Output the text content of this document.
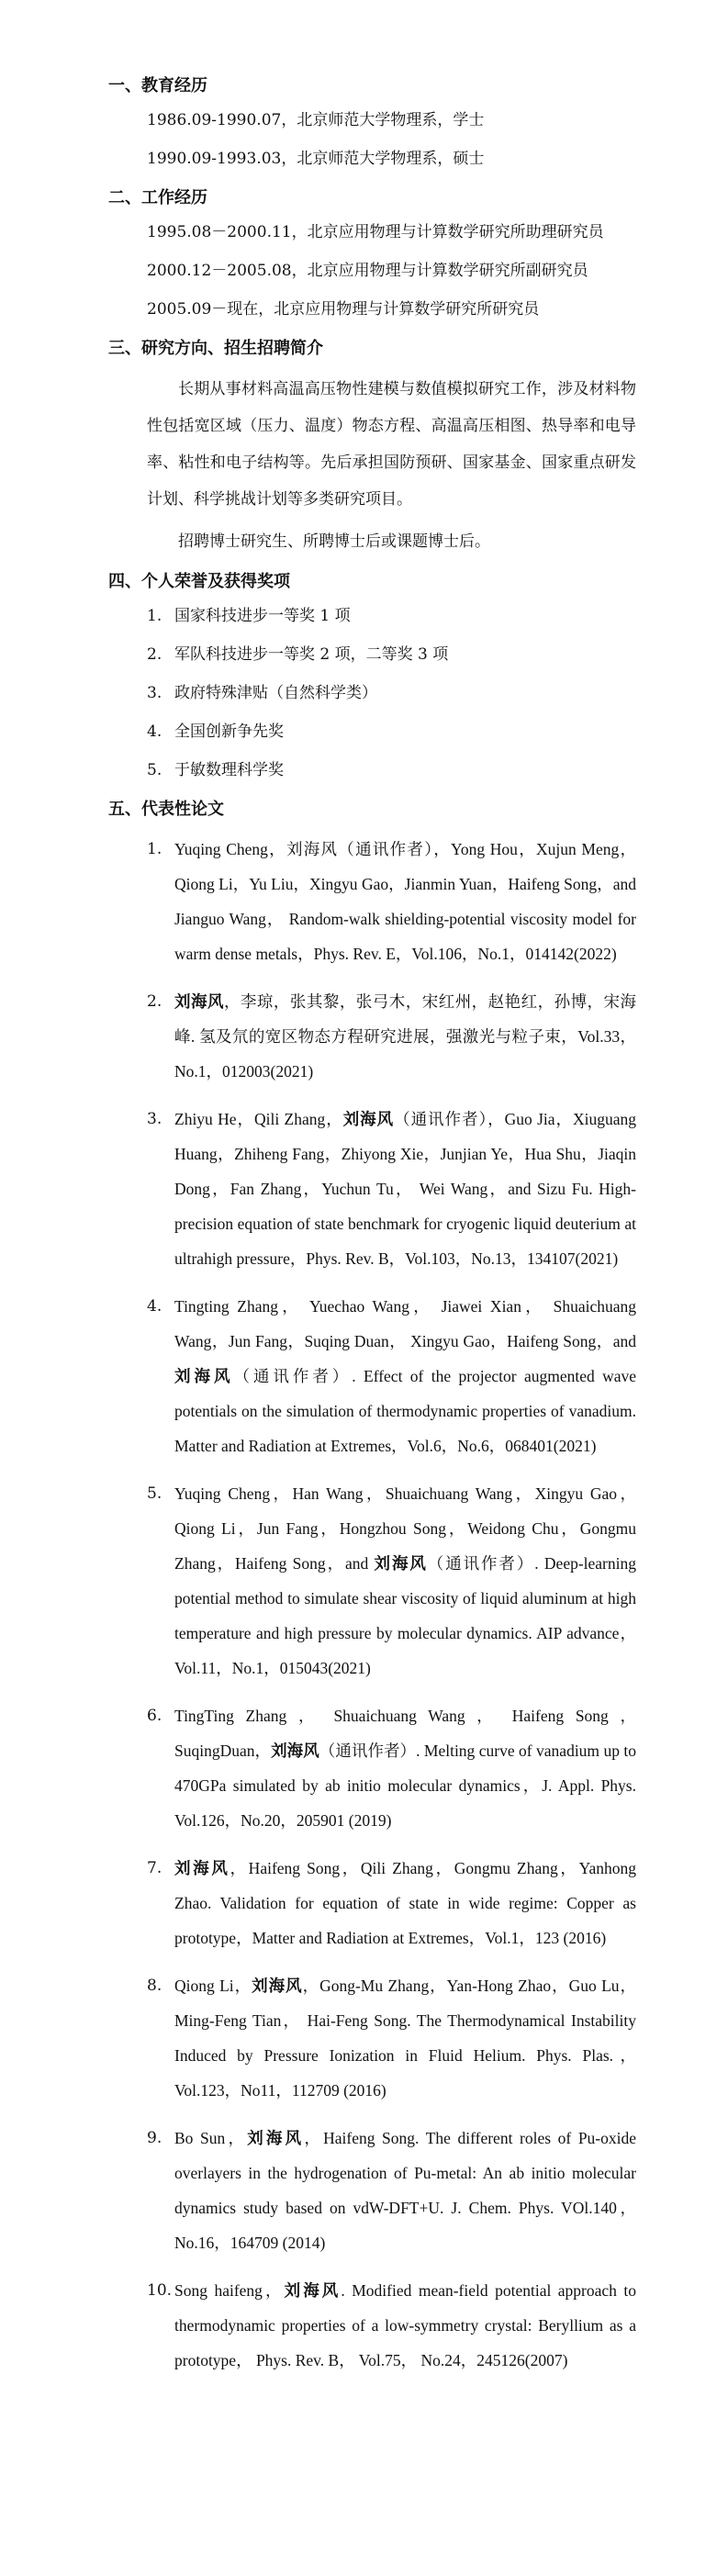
一、教育经历
1986.09-1990.07，北京师范大学物理系，学士
1990.09-1993.03，北京师范大学物理系，硕士
二、工作经历
1995.08－2000.11，北京应用物理与计算数学研究所助理研究员
2000.12－2005.08，北京应用物理与计算数学研究所副研究员
2005.09－现在，北京应用物理与计算数学研究所研究员
三、研究方向、招生招聘简介

长期从事材料高温高压物性建模与数值模拟研究工作，涉及材料物性包括宽区域（压力、温度）物态方程、高温高压相图、热导率和电导率、粘性和电子结构等。先后承担国防预研、国家基金、国家重点研发计划、科学挑战计划等多类研究项目。

招聘博士研究生、所聘博士后或课题博士后。

四、个人荣誉及获得奖项
1. 国家科技进步一等奖 1 项
2. 军队科技进步一等奖 2 项，二等奖 3 项
3. 政府特殊津贴（自然科学类）
4. 全国创新争先奖
5. 于敏数理科学奖
五、代表性论文
1. Yuqing Cheng，刘海风（通讯作者），Yong Hou，Xujun Meng，Qiong Li，Yu Liu，Xingyu Gao，Jianmin Yuan，Haifeng Song，and Jianguo Wang， Random-walk shielding-potential viscosity model for warm dense metals，Phys. Rev. E，Vol.106，No.1，014142(2022)
2. 刘海风，李琼，张其黎，张弓木，宋红州，赵艳红，孙博，宋海峰. 氢及氘的宽区物态方程研究进展，强激光与粒子束，Vol.33，No.1，012003(2021)
3. Zhiyu He，Qili Zhang，刘海风（通讯作者），Guo Jia，Xiuguang Huang，Zhiheng Fang，Zhiyong Xie，Junjian Ye，Hua Shu，Jiaqin Dong，Fan Zhang，Yuchun Tu， Wei Wang，and Sizu Fu. High-precision equation of state benchmark for cryogenic liquid deuterium at ultrahigh pressure，Phys. Rev. B，Vol.103，No.13，134107(2021)
4. Tingting Zhang， Yuechao Wang， Jiawei Xian， Shuaichuang Wang，Jun Fang，Suqing Duan， Xingyu Gao，Haifeng Song，and 刘海风（通讯作者）. Effect of the projector augmented wave potentials on the simulation of thermodynamic properties of vanadium. Matter and Radiation at Extremes，Vol.6，No.6，068401(2021)
5. Yuqing Cheng，Han Wang，Shuaichuang Wang，Xingyu Gao，Qiong Li，Jun Fang，Hongzhou Song，Weidong Chu，Gongmu Zhang，Haifeng Song，and 刘海风（通讯作者）. Deep-learning potential method to simulate shear viscosity of liquid aluminum at high temperature and high pressure by molecular dynamics. AIP advance，Vol.11，No.1，015043(2021)
6. TingTing Zhang ， Shuaichuang Wang ， Haifeng Song ， SuqingDuan，刘海风（通讯作者）. Melting curve of vanadium up to 470GPa simulated by ab initio molecular dynamics，J. Appl. Phys. Vol.126，No.20，205901 (2019)
7. 刘海风，Haifeng Song，Qili Zhang，Gongmu Zhang，Yanhong Zhao. Validation for equation of state in wide regime: Copper as prototype，Matter and Radiation at Extremes，Vol.1，123 (2016)
8. Qiong Li，刘海风，Gong-Mu Zhang，Yan-Hong Zhao，Guo Lu，Ming-Feng Tian， Hai-Feng Song. The Thermodynamical Instability Induced by Pressure Ionization in Fluid Helium. Phys. Plas.，Vol.123，No11，112709 (2016)
9. Bo Sun，刘海风，Haifeng Song. The different roles of Pu-oxide overlayers in the hydrogenation of Pu-metal: An ab initio molecular dynamics study based on vdW-DFT+U. J. Chem. Phys. VOl.140，No.16，164709 (2014)
10. Song haifeng，刘海风. Modified mean-field potential approach to thermodynamic properties of a low-symmetry crystal: Beryllium as a prototype， Phys. Rev. B， Vol.75， No.24，245126(2007)
